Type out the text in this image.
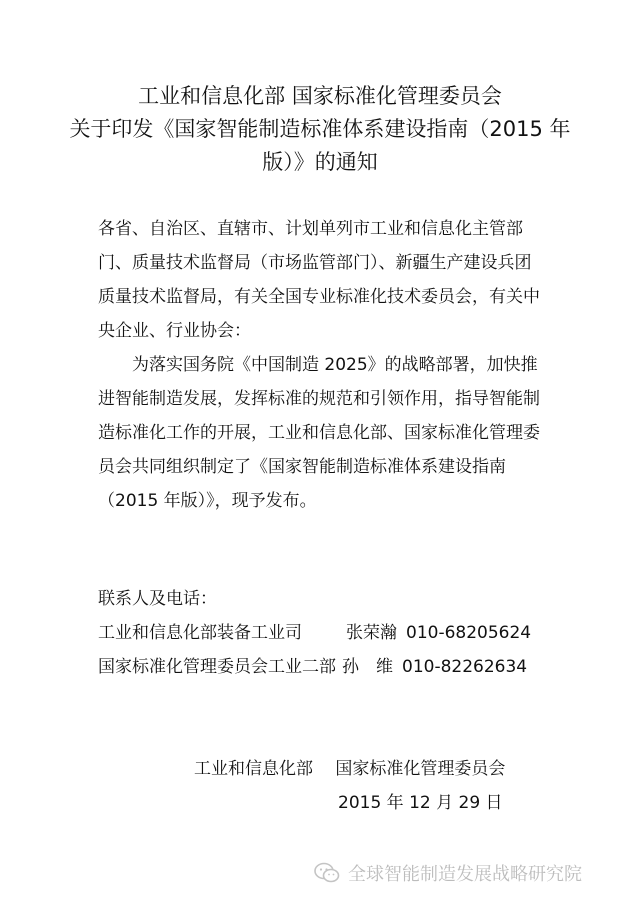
工业和信息化部 国家标准化管理委员会
关于印发《国家智能制造标准体系建设指南（2015 年
版）》的通知

各省、自治区、直辖市、计划单列市工业和信息化主管部门、质量技术监督局（市场监管部门）、新疆生产建设兵团质量技术监督局，有关全国专业标准化技术委员会，有关中央企业、行业协会：

为落实国务院《中国制造 2025》的战略部署，加快推进智能制造发展，发挥标准的规范和引领作用，指导智能制造标准化工作的开展，工业和信息化部、国家标准化管理委员会共同组织制定了《国家智能制造标准体系建设指南（2015 年版）》，现予发布。

联系人及电话：
工业和信息化部装备工业司	张荣瀚 010-68205624
国家标准化管理委员会工业二部 孙　维 010-82262634
工业和信息化部　 国家标准化管理委员会
2015 年 12 月 29 日
全球智能制造发展战略研究院
